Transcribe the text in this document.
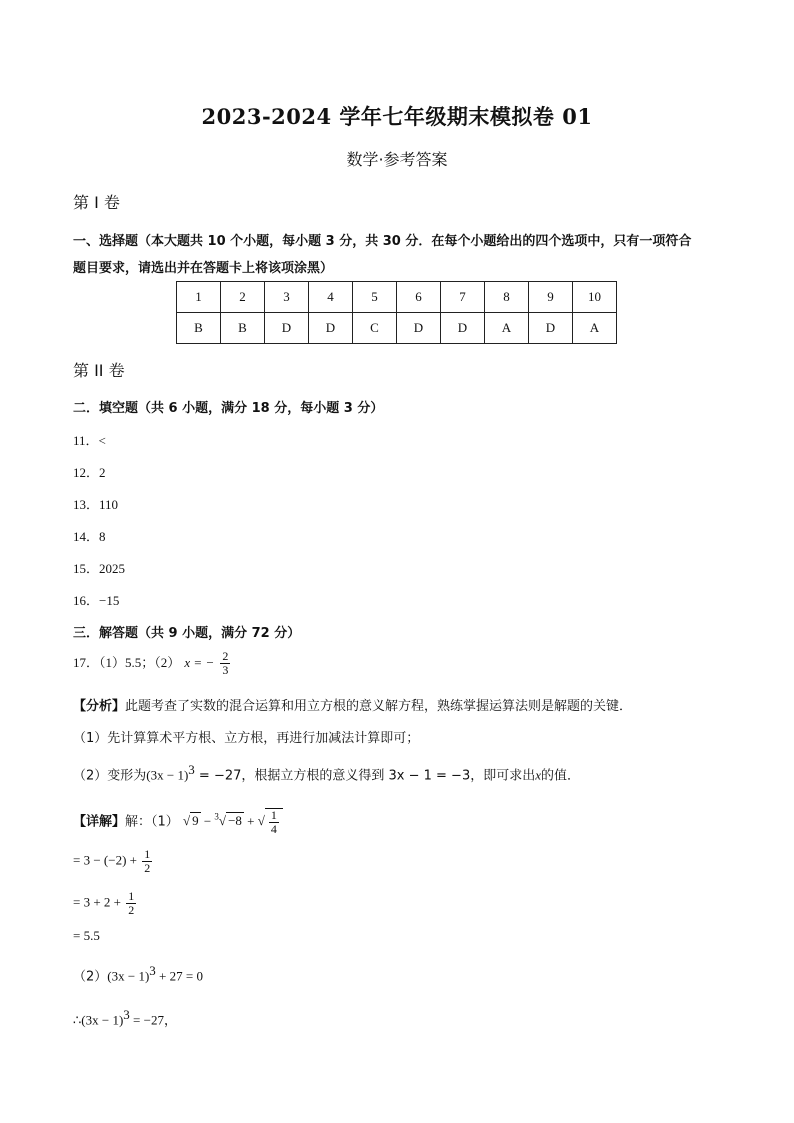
2023-2024 学年七年级期末模拟卷 01
数学·参考答案
第 I 卷
一、选择题（本大题共 10 个小题，每小题 3 分，共 30 分．在每个小题给出的四个选项中，只有一项符合
题目要求，请选出并在答题卡上将该项涂黑）
1	2	3	4	5	6	7	8	9	10
B	B	D	D	C	D	D	A	D	A
第 II 卷
二．填空题（共 6 小题，满分 18 分，每小题 3 分）
11．<
12．2
13．110
14．8
15．2025
16．−15
三．解答题（共 9 小题，满分 72 分）
17．（1）5.5；（2） x = − $\frac{2}{3}$
【分析】此题考查了实数的混合运算和用立方根的意义解方程，熟练掌握运算法则是解题的关键．
（1）先计算算术平方根、立方根，再进行加减法计算即可；
（2）变形为$(3x - 1)^3 = -27$，根据立方根的意义得到 3x − 1 = −3，即可求出x的值．
【详解】解：（1） √ 9 − $^3$√ −8 + √ $\frac{1}{4}$
= $3 - (-2) + \frac{1}{2}$
= $3 + 2 + \frac{1}{2}$
= 5.5
$(2)(3x - 1)^3 + 27 = 0$
∴(3x − 1)$^3$ = −27，
